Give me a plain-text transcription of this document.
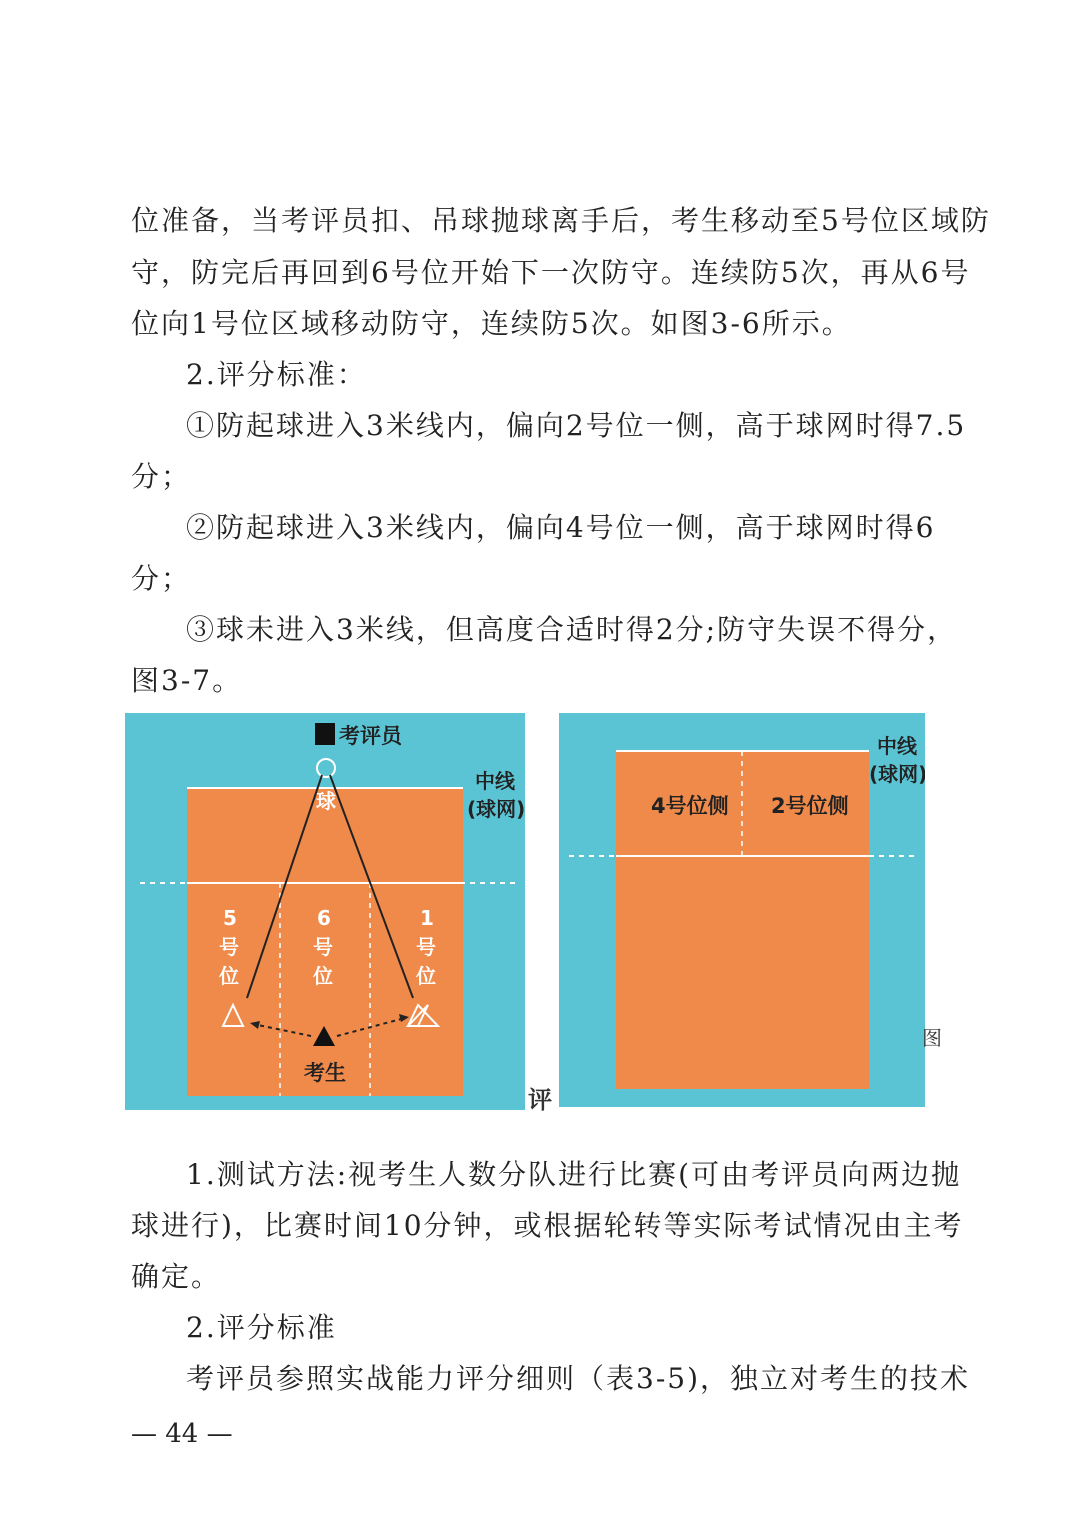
位准备，当考评员扣、吊球抛球离手后，考生移动至5号位区域防
守，防完后再回到6号位开始下一次防守。连续防5次，再从6号
位向1号位区域移动防守，连续防5次。如图3-6所示。
2.评分标准：
①防起球进入3米线内，偏向2号位一侧，高于球网时得7.5
分；
②防起球进入3米线内，偏向4号位一侧，高于球网时得6
分；
③球未进入3米线，但高度合适时得2分;防守失误不得分，
图3-7。
考评员
球
中线
(球网)
5
号
位
6
号
位
1
号
位
考生
评
中线
(球网)
4号位侧 2号位侧
图
1.测试方法:视考生人数分队进行比赛(可由考评员向两边抛
球进行)，比赛时间10分钟，或根据轮转等实际考试情况由主考
确定。
2.评分标准
考评员参照实战能力评分细则（表3-5)，独立对考生的技术
— 44 —
